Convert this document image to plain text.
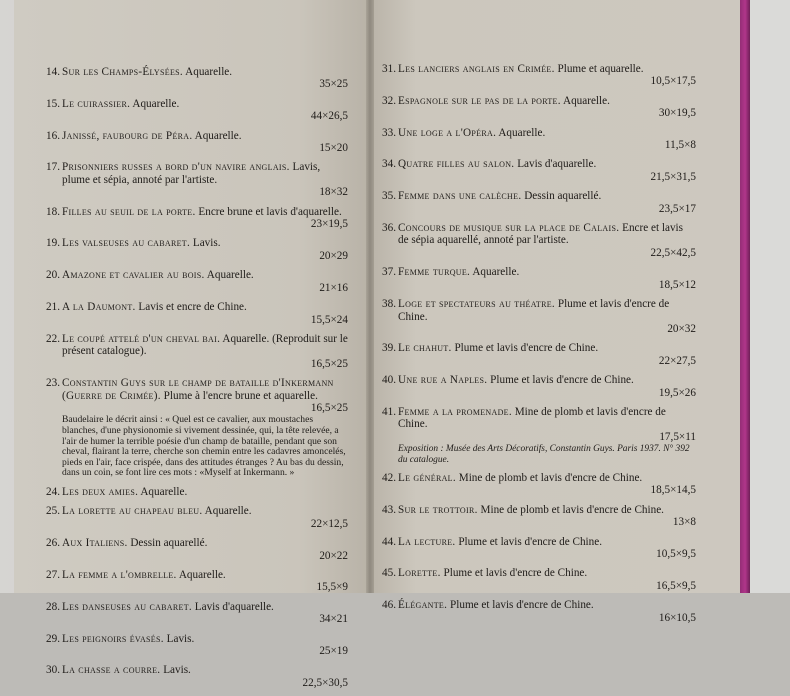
14. Sur les Champs-Élysées. Aquarelle.
35×25
15. Le cuirassier. Aquarelle.
44×26,5
16. Janissé, faubourg de Péra. Aquarelle.
15×20
17. Prisonniers russes a bord d'un navire anglais. Lavis, plume et sépia, annoté par l'artiste.
18×32
18. Filles au seuil de la porte. Encre brune et lavis d'aquarelle.
23×19,5
19. Les valseuses au cabaret. Lavis.
20×29
20. Amazone et cavalier au bois. Aquarelle.
21×16
21. A la Daumont. Lavis et encre de Chine.
15,5×24
22. Le coupé attelé d'un cheval bai. Aquarelle. (Reproduit sur le présent catalogue).
16,5×25
23. Constantin Guys sur le champ de bataille d'Inkermann (Guerre de Crimée). Plume à l'encre brune et aquarelle.
16,5×25
Baudelaire le décrit ainsi : « Quel est ce cavalier, aux moustaches blanches, d'une physionomie si vivement dessinée, qui, la tête relevée, a l'air de humer la terrible poésie d'un champ de bataille, pendant que son cheval, flairant la terre, cherche son chemin entre les cadavres amoncelés, pieds en l'air, face crispée, dans des attitudes étranges ? Au bas du dessin, dans un coin, se font lire ces mots : «Myself at Inkermann. »
24. Les deux amies. Aquarelle.
25. La lorette au chapeau bleu. Aquarelle.
22×12,5
26. Aux Italiens. Dessin aquarellé.
20×22
27. La femme a l'ombrelle. Aquarelle.
15,5×9
28. Les danseuses au cabaret. Lavis d'aquarelle.
34×21
29. Les peignoirs évasés. Lavis.
25×19
30. La chasse a courre. Lavis.
22,5×30,5
31. Les lanciers anglais en Crimée. Plume et aquarelle.
10,5×17,5
32. Espagnole sur le pas de la porte. Aquarelle.
30×19,5
33. Une loge a l'Opéra. Aquarelle.
11,5×8
34. Quatre filles au salon. Lavis d'aquarelle.
21,5×31,5
35. Femme dans une calèche. Dessin aquarellé.
23,5×17
36. Concours de musique sur la place de Calais. Encre et lavis de sépia aquarellé, annoté par l'artiste.
22,5×42,5
37. Femme turque. Aquarelle.
18,5×12
38. Loge et spectateurs au théatre. Plume et lavis d'encre de Chine.
20×32
39. Le chahut. Plume et lavis d'encre de Chine.
22×27,5
40. Une rue a Naples. Plume et lavis d'encre de Chine.
19,5×26
41. Femme a la promenade. Mine de plomb et lavis d'encre de Chine.
17,5×11
Exposition : Musée des Arts Décoratifs, Constantin Guys. Paris 1937. N° 392 du catalogue.
42. Le général. Mine de plomb et lavis d'encre de Chine.
18,5×14,5
43. Sur le trottoir. Mine de plomb et lavis d'encre de Chine.
13×8
44. La lecture. Plume et lavis d'encre de Chine.
10,5×9,5
45. Lorette. Plume et lavis d'encre de Chine.
16,5×9,5
46. Élégante. Plume et lavis d'encre de Chine.
16×10,5
